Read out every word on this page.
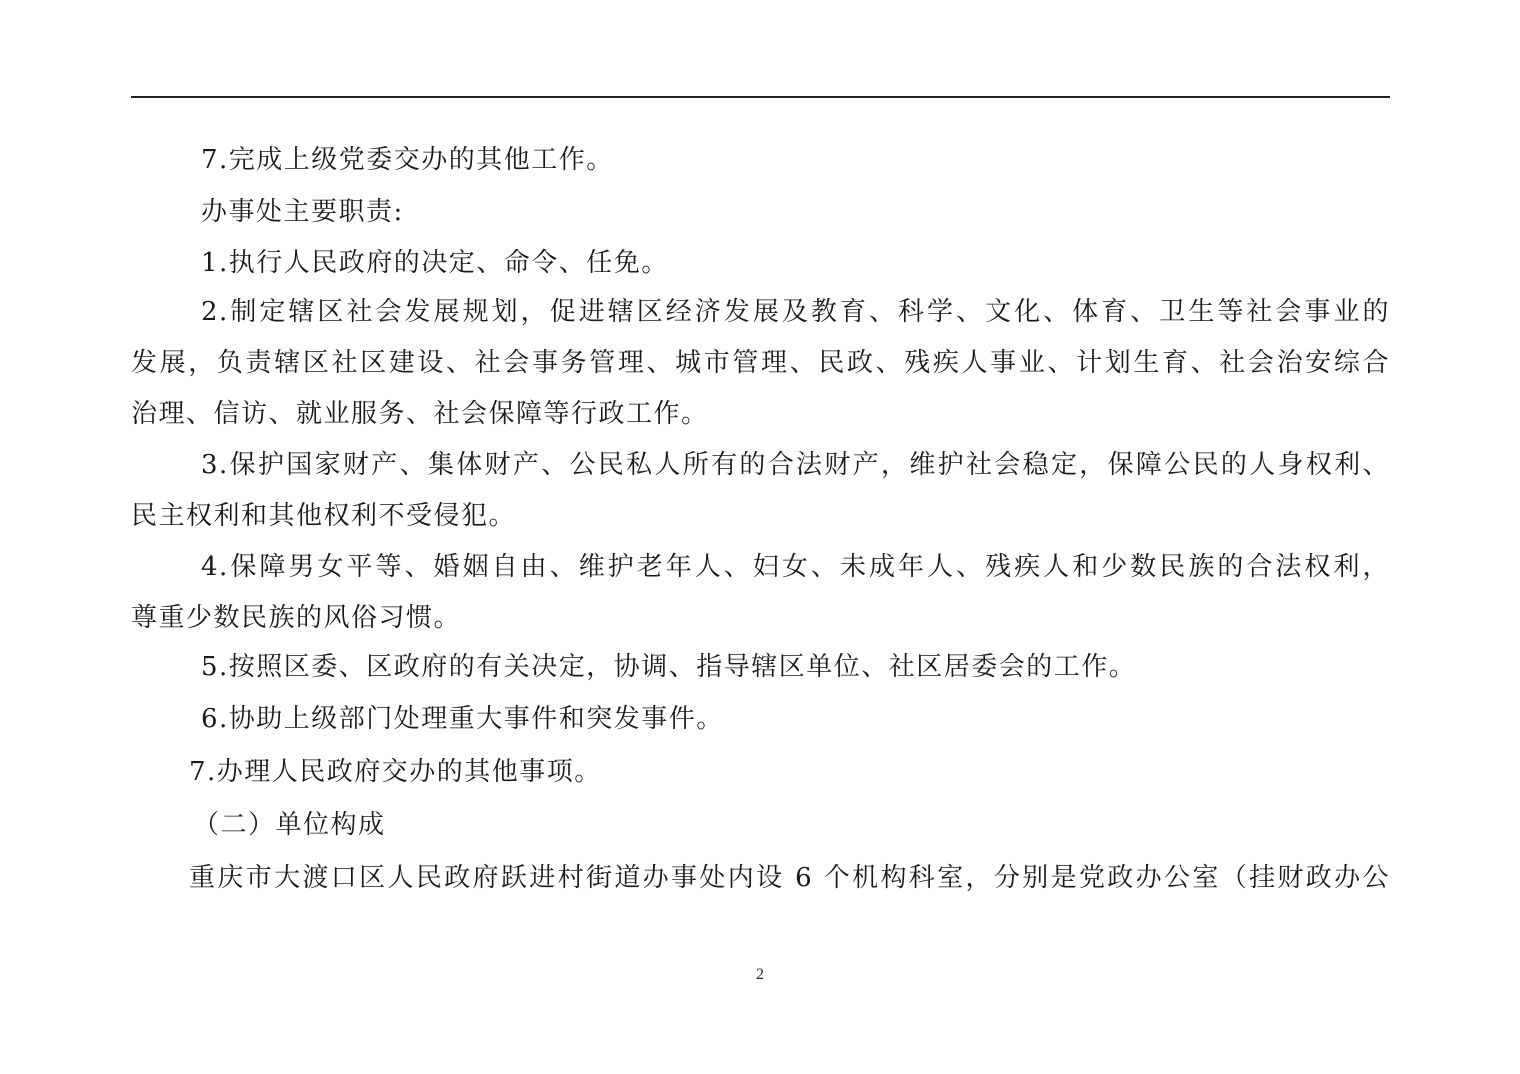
7.完成上级党委交办的其他工作。
办事处主要职责:
1.执行人民政府的决定、命令、任免。
2.制定辖区社会发展规划，促进辖区经济发展及教育、科学、文化、体育、卫生等社会事业的
发展，负责辖区社区建设、社会事务管理、城市管理、民政、残疾人事业、计划生育、社会治安综合
治理、信访、就业服务、社会保障等行政工作。
3.保护国家财产、集体财产、公民私人所有的合法财产，维护社会稳定，保障公民的人身权利、
民主权利和其他权利不受侵犯。
4.保障男女平等、婚姻自由、维护老年人、妇女、未成年人、残疾人和少数民族的合法权利，
尊重少数民族的风俗习惯。
5.按照区委、区政府的有关决定，协调、指导辖区单位、社区居委会的工作。
6.协助上级部门处理重大事件和突发事件。
7.办理人民政府交办的其他事项。
（二）单位构成
重庆市大渡口区人民政府跃进村街道办事处内设 6 个机构科室，分别是党政办公室（挂财政办公
2
